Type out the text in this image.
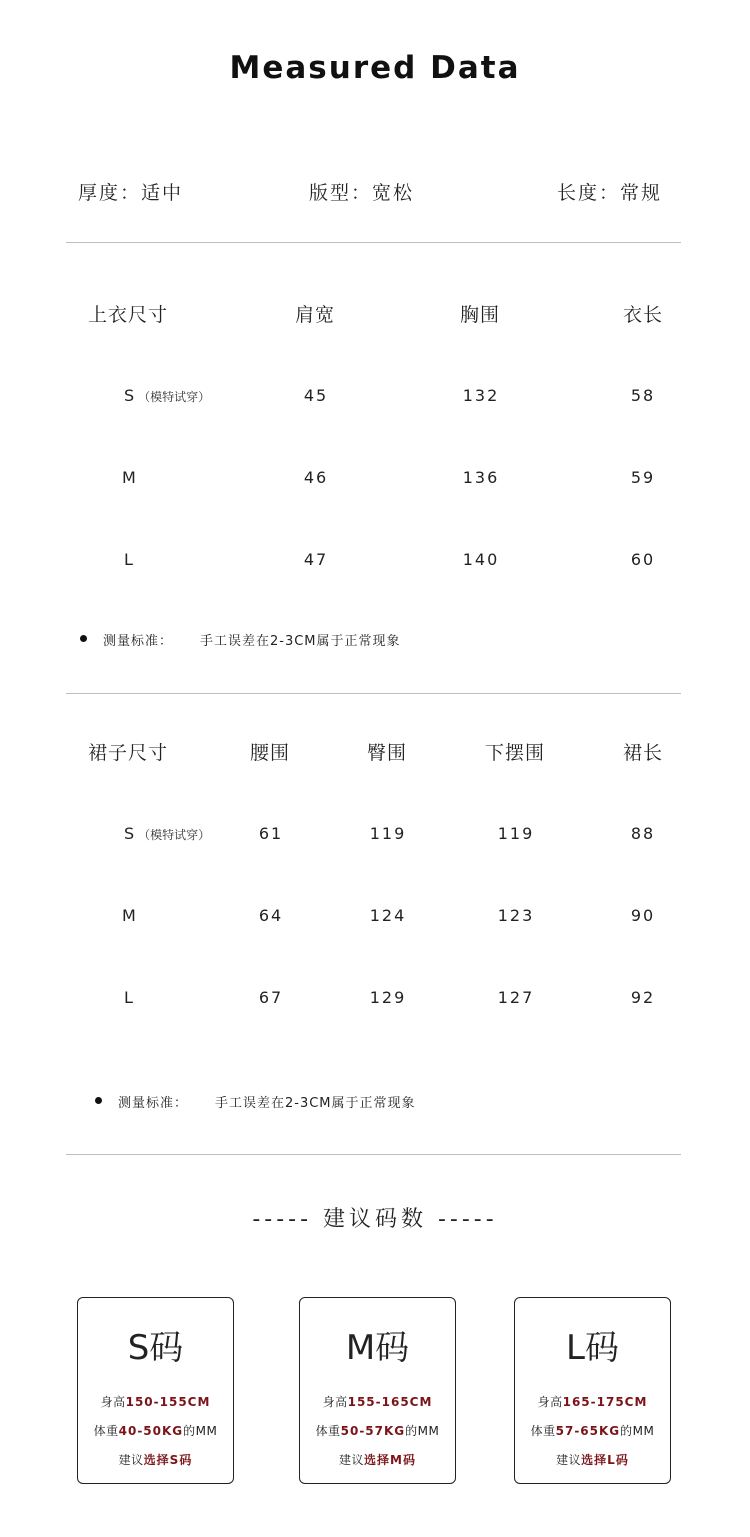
Measured Data
厚度：适中	版型：宽松	长度：常规
上衣尺寸	肩宽	胸围	衣长
S （模特试穿）	45	132	58
M	46	136	59
L	47	140	60
测量标准： 手工误差在2-3CM属于正常现象
裙子尺寸	腰围	臀围	下摆围	裙长
S （模特试穿）	61	119	119	88
M	64	124	123	90
L	67	129	127	92
测量标准： 手工误差在2-3CM属于正常现象
----- 建议码数 -----
S码
身高150-155CM
体重40-50KG的MM
建议选择S码
M码
身高155-165CM
体重50-57KG的MM
建议选择M码
L码
身高165-175CM
体重57-65KG的MM
建议选择L码
